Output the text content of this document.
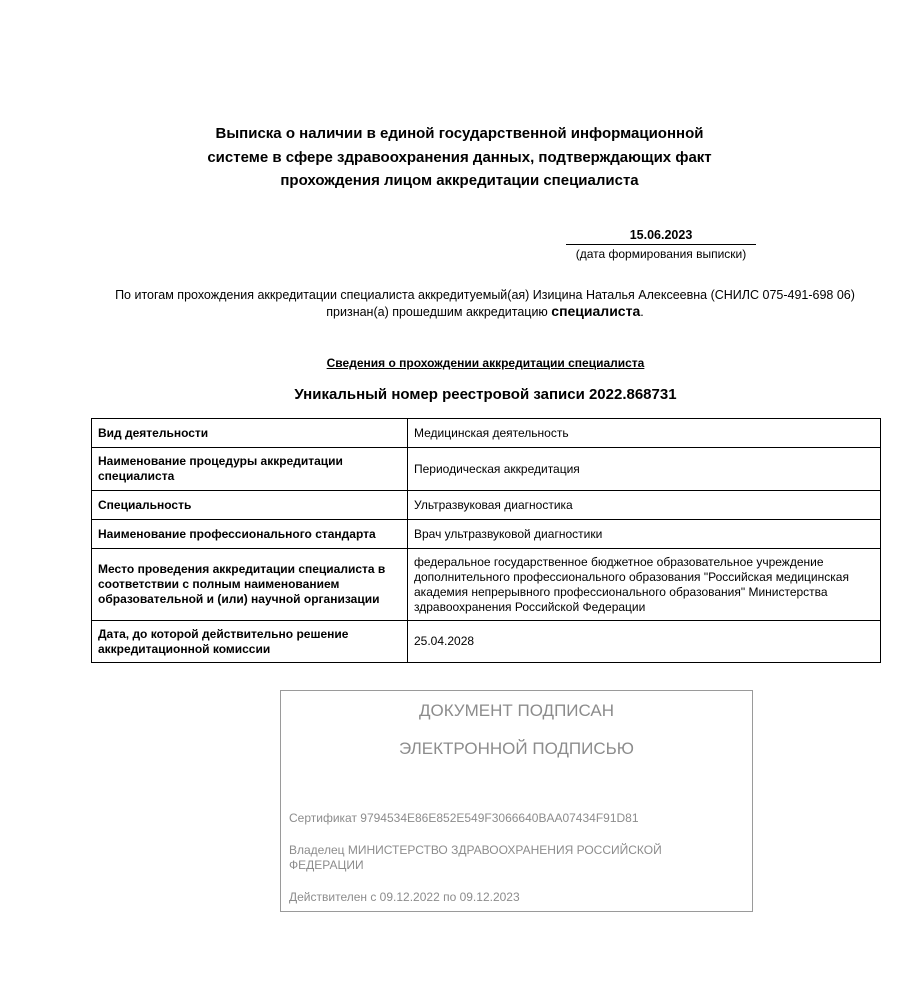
Выписка о наличии в единой государственной информационной
системе в сфере здравоохранения данных, подтверждающих факт
прохождения лицом аккредитации специалиста
15.06.2023
(дата формирования выписки)
По итогам прохождения аккредитации специалиста аккредитуемый(ая) Изицина Наталья Алексеевна (СНИЛС 075-491-698 06)
признан(а) прошедшим аккредитацию специалиста.
Сведения о прохождении аккредитации специалиста
Уникальный номер реестровой записи 2022.868731
Вид деятельности	Медицинская деятельность
Наименование процедуры аккредитации специалиста	Периодическая аккредитация
Специальность	Ультразвуковая диагностика
Наименование профессионального стандарта	Врач ультразвуковой диагностики
Место проведения аккредитации специалиста в соответствии с полным наименованием образовательной и (или) научной организации	федеральное государственное бюджетное образовательное учреждение дополнительного профессионального образования "Российская медицинская академия непрерывного профессионального образования" Министерства здравоохранения Российской Федерации
Дата, до которой действительно решение аккредитационной комиссии	25.04.2028
ДОКУМЕНТ ПОДПИСАН
ЭЛЕКТРОННОЙ ПОДПИСЬЮ
Сертификат 9794534E86E852E549F3066640BAA07434F91D81
Владелец МИНИСТЕРСТВО ЗДРАВООХРАНЕНИЯ РОССИЙСКОЙ ФЕДЕРАЦИИ
Действителен с 09.12.2022 по 09.12.2023
